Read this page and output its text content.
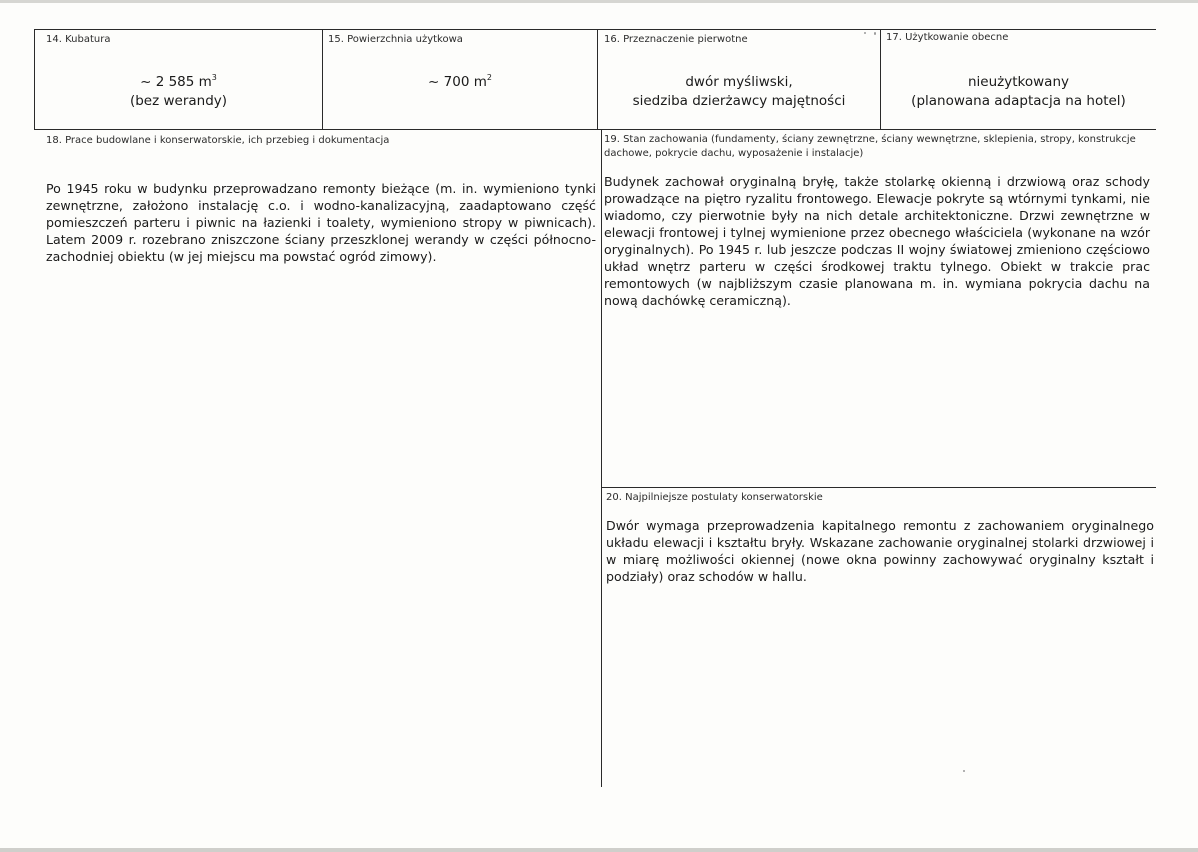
14. Kubatura
~ 2 585 $m^3$
(bez werandy)
15. Powierzchnia użytkowa
~ 700 $m^2$
16. Przeznaczenie pierwotne
dwór myśliwski,
siedziba dzierżawcy majętności
17. Użytkowanie obecne
nieużytkowany
(planowana adaptacja na hotel)
18. Prace budowlane i konserwatorskie, ich przebieg i dokumentacja
Po 1945 roku w budynku przeprowadzano remonty bieżące (m. in. wymieniono tynki zewnętrzne, założono instalację c.o. i wodno-kanalizacyjną, zaadaptowano część pomieszczeń parteru i piwnic na łazienki i toalety, wymieniono stropy w piwnicach). Latem 2009 r. rozebrano zniszczone ściany przeszklonej werandy w części północno-zachodniej obiektu (w jej miejscu ma powstać ogród zimowy).
19. Stan zachowania (fundamenty, ściany zewnętrzne, ściany wewnętrzne, sklepienia, stropy, konstrukcje dachowe, pokrycie dachu, wyposażenie i instalacje)
Budynek zachował oryginalną bryłę, także stolarkę okienną i drzwiową oraz schody prowadzące na piętro ryzalitu frontowego. Elewacje pokryte są wtórnymi tynkami, nie wiadomo, czy pierwotnie były na nich detale architektoniczne. Drzwi zewnętrzne w elewacji frontowej i tylnej wymienione przez obecnego właściciela (wykonane na wzór oryginalnych). Po 1945 r. lub jeszcze podczas II wojny światowej zmieniono częściowo układ wnętrz parteru w części środkowej traktu tylnego. Obiekt w trakcie prac remontowych (w najbliższym czasie planowana m. in. wymiana pokrycia dachu na nową dachówkę ceramiczną).
20. Najpilniejsze postulaty konserwatorskie
Dwór wymaga przeprowadzenia kapitalnego remontu z zachowaniem oryginalnego układu elewacji i kształtu bryły. Wskazane zachowanie oryginalnej stolarki drzwiowej i w miarę możliwości okiennej (nowe okna powinny zachowywać oryginalny kształt i podziały) oraz schodów w hallu.
